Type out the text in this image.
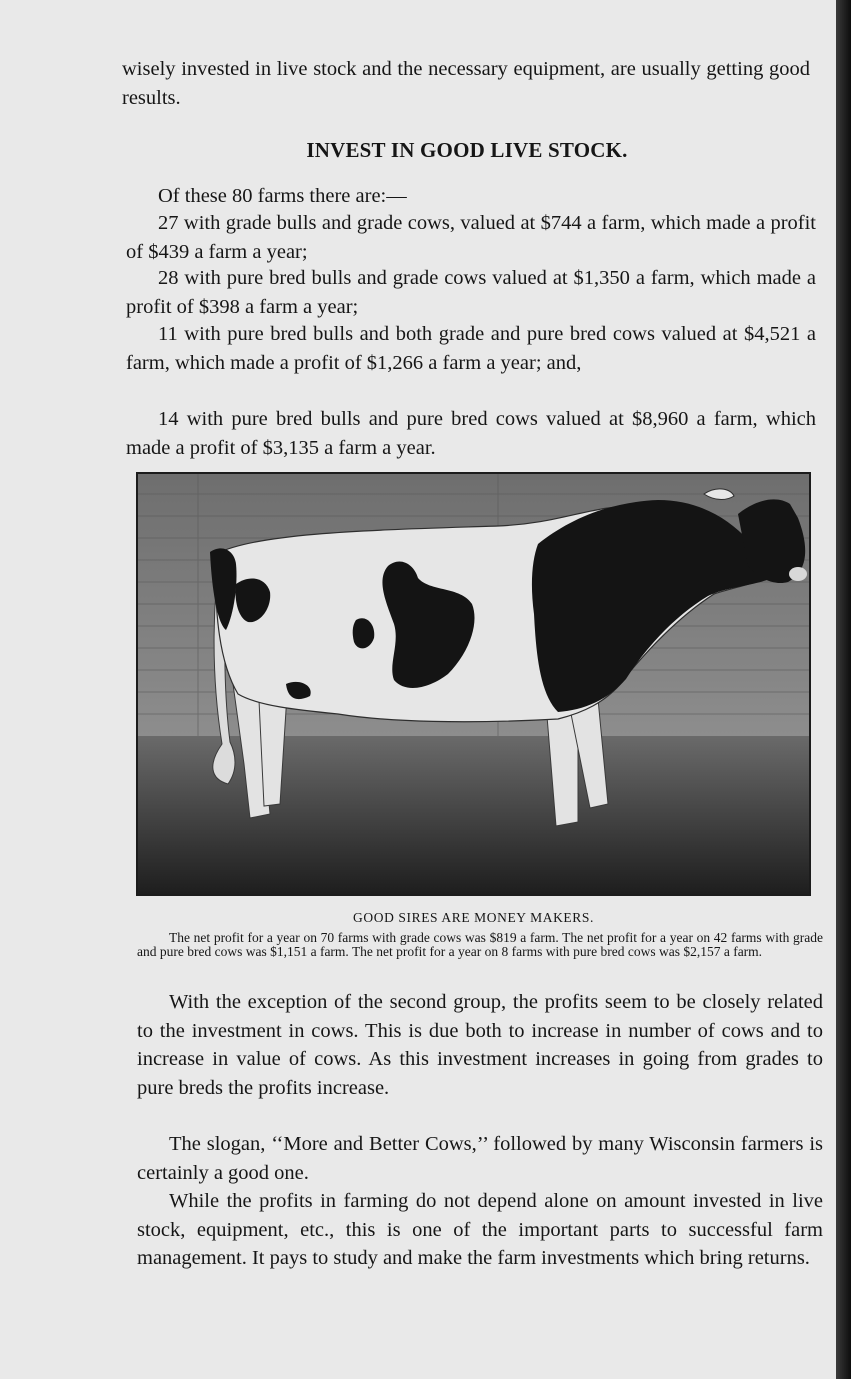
wisely invested in live stock and the necessary equipment, are usually getting good results.

INVEST IN GOOD LIVE STOCK.

Of these 80 farms there are:—

27 with grade bulls and grade cows, valued at $744 a farm, which made a profit of $439 a farm a year;

28 with pure bred bulls and grade cows valued at $1,350 a farm, which made a profit of $398 a farm a year;

11 with pure bred bulls and both grade and pure bred cows valued at $4,521 a farm, which made a profit of $1,266 a farm a year; and,

14 with pure bred bulls and pure bred cows valued at $8,960 a farm, which made a profit of $3,135 a farm a year.

GOOD SIRES ARE MONEY MAKERS.

The net profit for a year on 70 farms with grade cows was $819 a farm. The net profit for a year on 42 farms with grade and pure bred cows was $1,151 a farm. The net profit for a year on 8 farms with pure bred cows was $2,157 a farm.

With the exception of the second group, the profits seem to be closely related to the investment in cows. This is due both to increase in number of cows and to increase in value of cows. As this investment increases in going from grades to pure breds the profits increase.

The slogan, ‘‘More and Better Cows,’’ followed by many Wisconsin farmers is certainly a good one.

While the profits in farming do not depend alone on amount invested in live stock, equipment, etc., this is one of the important parts to successful farm management. It pays to study and make the farm investments which bring returns.
